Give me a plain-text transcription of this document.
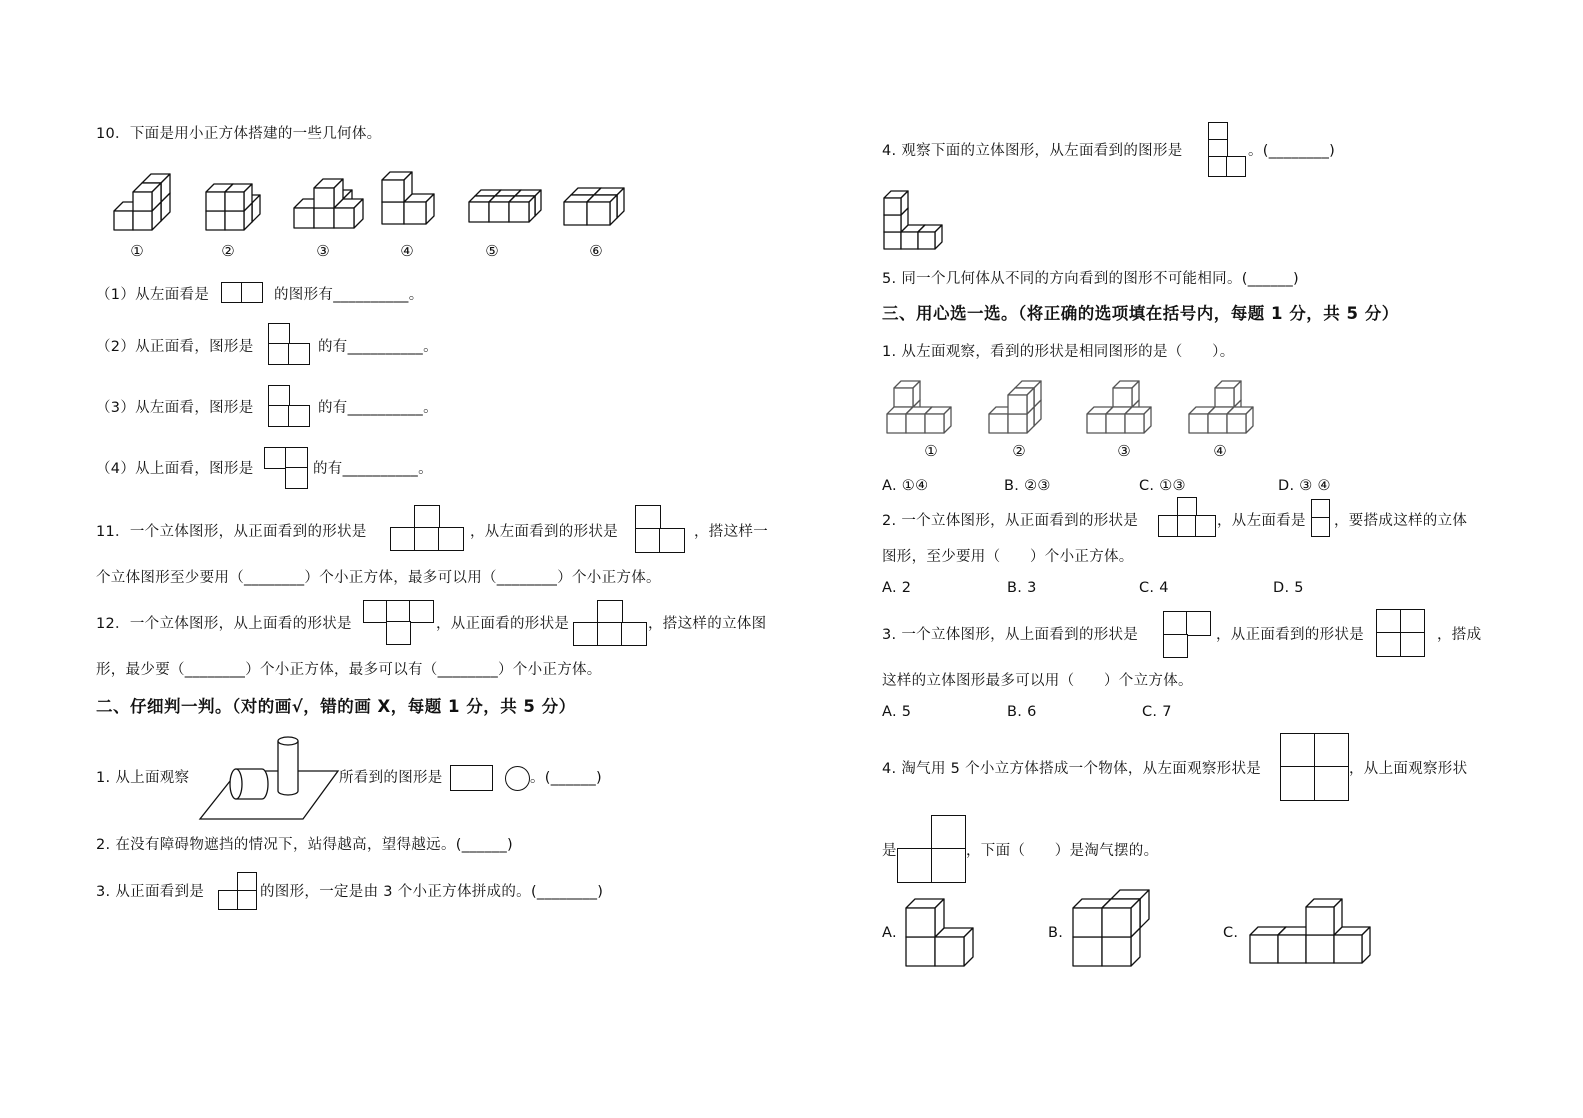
10．下面是用小正方体搭建的一些几何体。
①	②	③	④	⑤	⑥
（1）从左面看是	的图形有__________。
（2）从正面看，图形是	的有__________。
（3）从左面看，图形是	的有__________。
（4）从上面看，图形是	的有__________。
11．一个立体图形，从正面看到的形状是	，从左面看到的形状是	，搭这样一
个立体图形至少要用（________）个小正方体，最多可以用（________）个小正方体。
12．一个立体图形，从上面看的形状是	，从正面看的形状是	，搭这样的立体图
形，最少要（________）个小正方体，最多可以有（________）个小正方体。
二、仔细判一判。（对的画√，错的画 X，每题 1 分，共 5 分）
1. 从上面观察	所看到的图形是	。(______)
2. 在没有障碍物遮挡的情况下，站得越高，望得越远。(______)
3. 从正面看到是	的图形，一定是由 3 个小正方体拼成的。(________)
4. 观察下面的立体图形，从左面看到的图形是	。(________)
5. 同一个几何体从不同的方向看到的图形不可能相同。(______)
三、用心选一选。（将正确的选项填在括号内，每题 1 分，共 5 分）
1. 从左面观察，看到的形状是相同图形的是（　　）。
①	②	③	④
A. ①④	B. ②③	C. ①③	D. ③ ④
2. 一个立体图形，从正面看到的形状是	，从左面看是 ，要搭成这样的立体
图形，至少要用（　　）个小正方体。
A. 2	B. 3	C. 4	D. 5
3. 一个立体图形，从上面看到的形状是	，从正面看到的形状是	，搭成
这样的立体图形最多可以用（　　）个立方体。
A. 5	B. 6	C. 7
4. 淘气用 5 个小立方体搭成一个物体，从左面观察形状是	，从上面观察形状
是	，下面（　　）是淘气摆的。
A.	B.	C.
